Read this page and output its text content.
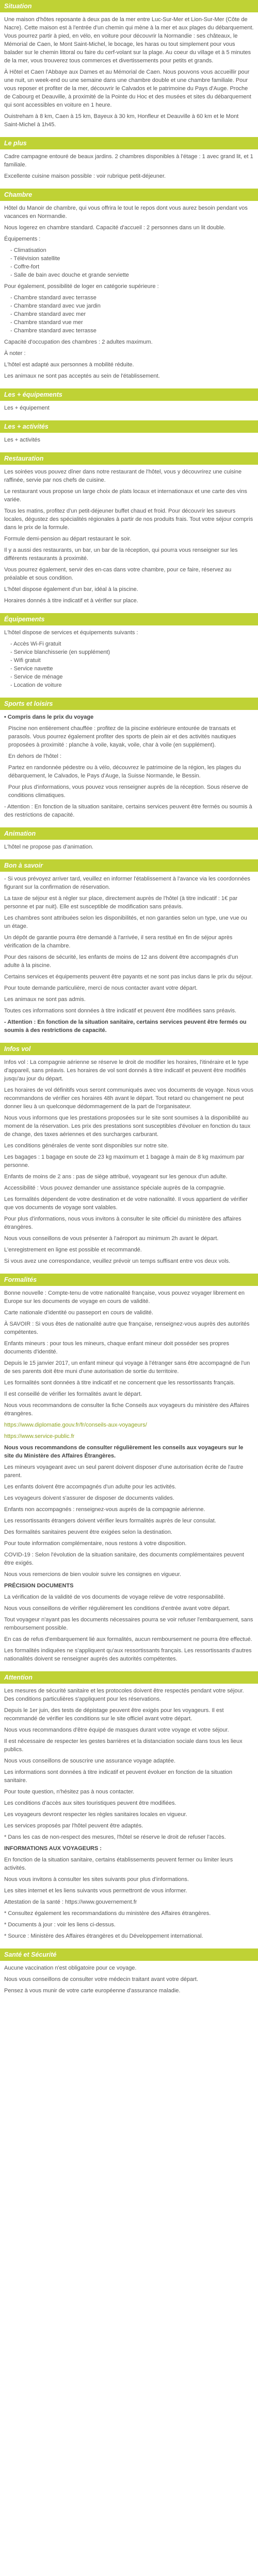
Situation

Une maison d'hôtes reposante à deux pas de la mer entre Luc-Sur-Mer et Lion-Sur-Mer (Côte de Nacre). Cette maison est à l'entrée d'un chemin qui mène à la mer et aux plages du débarquement. Vous pourrez partir à pied, en vélo, en voiture pour découvrir la Normandie : ses châteaux, le Mémorial de Caen, le Mont Saint-Michel, le bocage, les haras ou tout simplement pour vous balader sur le chemin littoral ou faire du cerf-volant sur la plage. Au coeur du village et à 5 minutes de la mer, vous trouverez tous commerces et divertissements pour petits et grands.

À Hôtel et Caen l'Abbaye aux Dames et au Mémorial de Caen. Nous pouvons vous accueillir pour une nuit, un week-end ou une semaine dans une chambre double et une chambre familiale. Pour vous reposer et profiter de la mer, découvrir le Calvados et le patrimoine du Pays d'Auge. Proche de Cabourg et Deauville, à proximité de la Pointe du Hoc et des musées et sites du débarquement qui sont accessibles en voiture en 1 heure.

Ouistreham à 8 km, Caen à 15 km, Bayeux à 30 km, Honfleur et Deauville à 60 km et le Mont Saint-Michel à 1h45.

Le plus

Cadre campagne entouré de beaux jardins. 2 chambres disponibles à l'étage : 1 avec grand lit, et 1 familiale.

Excellente cuisine maison possible : voir rubrique petit-déjeuner.

Chambre

Hôtel du Manoir de chambre, qui vous offrira le tout le repos dont vous aurez besoin pendant vos vacances en Normandie.

Nous logerez en chambre standard. Capacité d'accueil : 2 personnes dans un lit double.

Équipements :

- Climatisation
- Télévision satellite
- Coffre-fort
- Salle de bain avec douche et grande serviette

Pour également, possibilité de loger en catégorie supérieure :

- Chambre standard avec terrasse
- Chambre standard avec vue jardin
- Chambre standard avec mer
- Chambre standard vue mer
- Chambre standard avec terrasse

Capacité d'occupation des chambres : 2 adultes maximum.

À noter :

L'hôtel est adapté aux personnes à mobilité réduite.

Les animaux ne sont pas acceptés au sein de l'établissement.

Les + équipements

Les + équipement

Les + activités

Les + activités

Restauration

Les soirées vous pouvez dîner dans notre restaurant de l'hôtel, vous y découvrirez une cuisine raffinée, servie par nos chefs de cuisine.

Le restaurant vous propose un large choix de plats locaux et internationaux et une carte des vins variée.

Tous les matins, profitez d'un petit-déjeuner buffet chaud et froid. Pour découvrir les saveurs locales, dégustez des spécialités régionales à partir de nos produits frais. Tout votre séjour compris dans le prix de la formule.

Formule demi-pension au départ restaurant le soir.

Il y a aussi des restaurants, un bar, un bar de la réception, qui pourra vous renseigner sur les différents restaurants à proximité.

Vous pourrez également, servir des en-cas dans votre chambre, pour ce faire, réservez au préalable et sous condition.

L'hôtel dispose également d'un bar, idéal à la piscine.

Horaires donnés à titre indicatif et à vérifier sur place.

Équipements

L'hôtel dispose de services et équipements suivants :

- Accès Wi-Fi gratuit
- Service blanchisserie (en supplément)
- Wifi gratuit
- Service navette
- Service de ménage
- Location de voiture
Sports et loisirs

• Compris dans le prix du voyage

Piscine non entièrement chauffée : profitez de la piscine extérieure entourée de transats et parasols. Vous pourrez également profiter des sports de plein air et des activités nautiques proposées à proximité : planche à voile, kayak, voile, char à voile (en supplément).

En dehors de l'hôtel :

Partez en randonnée pédestre ou à vélo, découvrez le patrimoine de la région, les plages du débarquement, le Calvados, le Pays d'Auge, la Suisse Normande, le Bessin.

Pour plus d'informations, vous pouvez vous renseigner auprès de la réception. Sous réserve de conditions climatiques.

- Attention : En fonction de la situation sanitaire, certains services peuvent être fermés ou soumis à des restrictions de capacité.

Animation

L'hôtel ne propose pas d'animation.

Bon à savoir

- Si vous prévoyez arriver tard, veuillez en informer l'établissement à l'avance via les coordonnées figurant sur la confirmation de réservation.

La taxe de séjour est à régler sur place, directement auprès de l'hôtel (à titre indicatif : 1€ par personne et par nuit). Elle est susceptible de modification sans préavis.

Les chambres sont attribuées selon les disponibilités, et non garanties selon un type, une vue ou un étage.

Un dépôt de garantie pourra être demandé à l'arrivée, il sera restitué en fin de séjour après vérification de la chambre.

Pour des raisons de sécurité, les enfants de moins de 12 ans doivent être accompagnés d'un adulte à la piscine.

Certains services et équipements peuvent être payants et ne sont pas inclus dans le prix du séjour.

Pour toute demande particulière, merci de nous contacter avant votre départ.

Les animaux ne sont pas admis.

Toutes ces informations sont données à titre indicatif et peuvent être modifiées sans préavis.

- Attention : En fonction de la situation sanitaire, certains services peuvent être fermés ou soumis à des restrictions de capacité.

Infos vol

Infos vol : La compagnie aérienne se réserve le droit de modifier les horaires, l'itinéraire et le type d'appareil, sans préavis. Les horaires de vol sont donnés à titre indicatif et peuvent être modifiés jusqu'au jour du départ.

Les horaires de vol définitifs vous seront communiqués avec vos documents de voyage. Nous vous recommandons de vérifier ces horaires 48h avant le départ. Tout retard ou changement ne peut donner lieu à un quelconque dédommagement de la part de l'organisateur.

Nous vous informons que les prestations proposées sur le site sont soumises à la disponibilité au moment de la réservation. Les prix des prestations sont susceptibles d'évoluer en fonction du taux de change, des taxes aériennes et des surcharges carburant.

Les conditions générales de vente sont disponibles sur notre site.

Les bagages : 1 bagage en soute de 23 kg maximum et 1 bagage à main de 8 kg maximum par personne.

Enfants de moins de 2 ans : pas de siège attribué, voyageant sur les genoux d'un adulte.

Accessibilité : Vous pouvez demander une assistance spéciale auprès de la compagnie.

Les formalités dépendent de votre destination et de votre nationalité. Il vous appartient de vérifier que vos documents de voyage sont valables.

Pour plus d'informations, nous vous invitons à consulter le site officiel du ministère des affaires étrangères.

Nous vous conseillons de vous présenter à l'aéroport au minimum 2h avant le départ.

L'enregistrement en ligne est possible et recommandé.

Si vous avez une correspondance, veuillez prévoir un temps suffisant entre vos deux vols.

Formalités

Bonne nouvelle : Compte-tenu de votre nationalité française, vous pouvez voyager librement en Europe sur les documents de voyage en cours de validité.

Carte nationale d'identité ou passeport en cours de validité.

À SAVOIR : Si vous êtes de nationalité autre que française, renseignez-vous auprès des autorités compétentes.

Enfants mineurs : pour tous les mineurs, chaque enfant mineur doit posséder ses propres documents d'identité.

Depuis le 15 janvier 2017, un enfant mineur qui voyage à l'étranger sans être accompagné de l'un de ses parents doit être muni d'une autorisation de sortie du territoire.

Les formalités sont données à titre indicatif et ne concernent que les ressortissants français.

Il est conseillé de vérifier les formalités avant le départ.

Nous vous recommandons de consulter la fiche Conseils aux voyageurs du ministère des Affaires étrangères.

https://www.diplomatie.gouv.fr/fr/conseils-aux-voyageurs/

https://www.service-public.fr

Nous vous recommandons de consulter régulièrement les conseils aux voyageurs sur le site du Ministère des Affaires Étrangères.

Les mineurs voyageant avec un seul parent doivent disposer d'une autorisation écrite de l'autre parent.

Les enfants doivent être accompagnés d'un adulte pour les activités.

Les voyageurs doivent s'assurer de disposer de documents valides.

Enfants non accompagnés : renseignez-vous auprès de la compagnie aérienne.

Les ressortissants étrangers doivent vérifier leurs formalités auprès de leur consulat.

Des formalités sanitaires peuvent être exigées selon la destination.

Pour toute information complémentaire, nous restons à votre disposition.

COVID-19 : Selon l'évolution de la situation sanitaire, des documents complémentaires peuvent être exigés.

Nous vous remercions de bien vouloir suivre les consignes en vigueur.

PRÉCISION DOCUMENTS

La vérification de la validité de vos documents de voyage relève de votre responsabilité.

Nous vous conseillons de vérifier régulièrement les conditions d'entrée avant votre départ.

Tout voyageur n'ayant pas les documents nécessaires pourra se voir refuser l'embarquement, sans remboursement possible.

En cas de refus d'embarquement lié aux formalités, aucun remboursement ne pourra être effectué.

Les formalités indiquées ne s'appliquent qu'aux ressortissants français. Les ressortissants d'autres nationalités doivent se renseigner auprès des autorités compétentes.

Attention

Les mesures de sécurité sanitaire et les protocoles doivent être respectés pendant votre séjour. Des conditions particulières s'appliquent pour les réservations.

Depuis le 1er juin, des tests de dépistage peuvent être exigés pour les voyageurs. Il est recommandé de vérifier les conditions sur le site officiel avant votre départ.

Nous vous recommandons d'être équipé de masques durant votre voyage et votre séjour.

Il est nécessaire de respecter les gestes barrières et la distanciation sociale dans tous les lieux publics.

Nous vous conseillons de souscrire une assurance voyage adaptée.

Les informations sont données à titre indicatif et peuvent évoluer en fonction de la situation sanitaire.

Pour toute question, n'hésitez pas à nous contacter.

Les conditions d'accès aux sites touristiques peuvent être modifiées.

Les voyageurs devront respecter les règles sanitaires locales en vigueur.

Les services proposés par l'hôtel peuvent être adaptés.

* Dans les cas de non-respect des mesures, l'hôtel se réserve le droit de refuser l'accès.

INFORMATIONS AUX VOYAGEURS :

En fonction de la situation sanitaire, certains établissements peuvent fermer ou limiter leurs activités.

Nous vous invitons à consulter les sites suivants pour plus d'informations.

Les sites internet et les liens suivants vous permettront de vous informer.

Attestation de la santé : https://www.gouvernement.fr

* Consultez également les recommandations du ministère des Affaires étrangères.

* Documents à jour : voir les liens ci-dessus.

* Source : Ministère des Affaires étrangères et du Développement international.

Santé et Sécurité

Aucune vaccination n'est obligatoire pour ce voyage.

Nous vous conseillons de consulter votre médecin traitant avant votre départ.

Pensez à vous munir de votre carte européenne d'assurance maladie.
